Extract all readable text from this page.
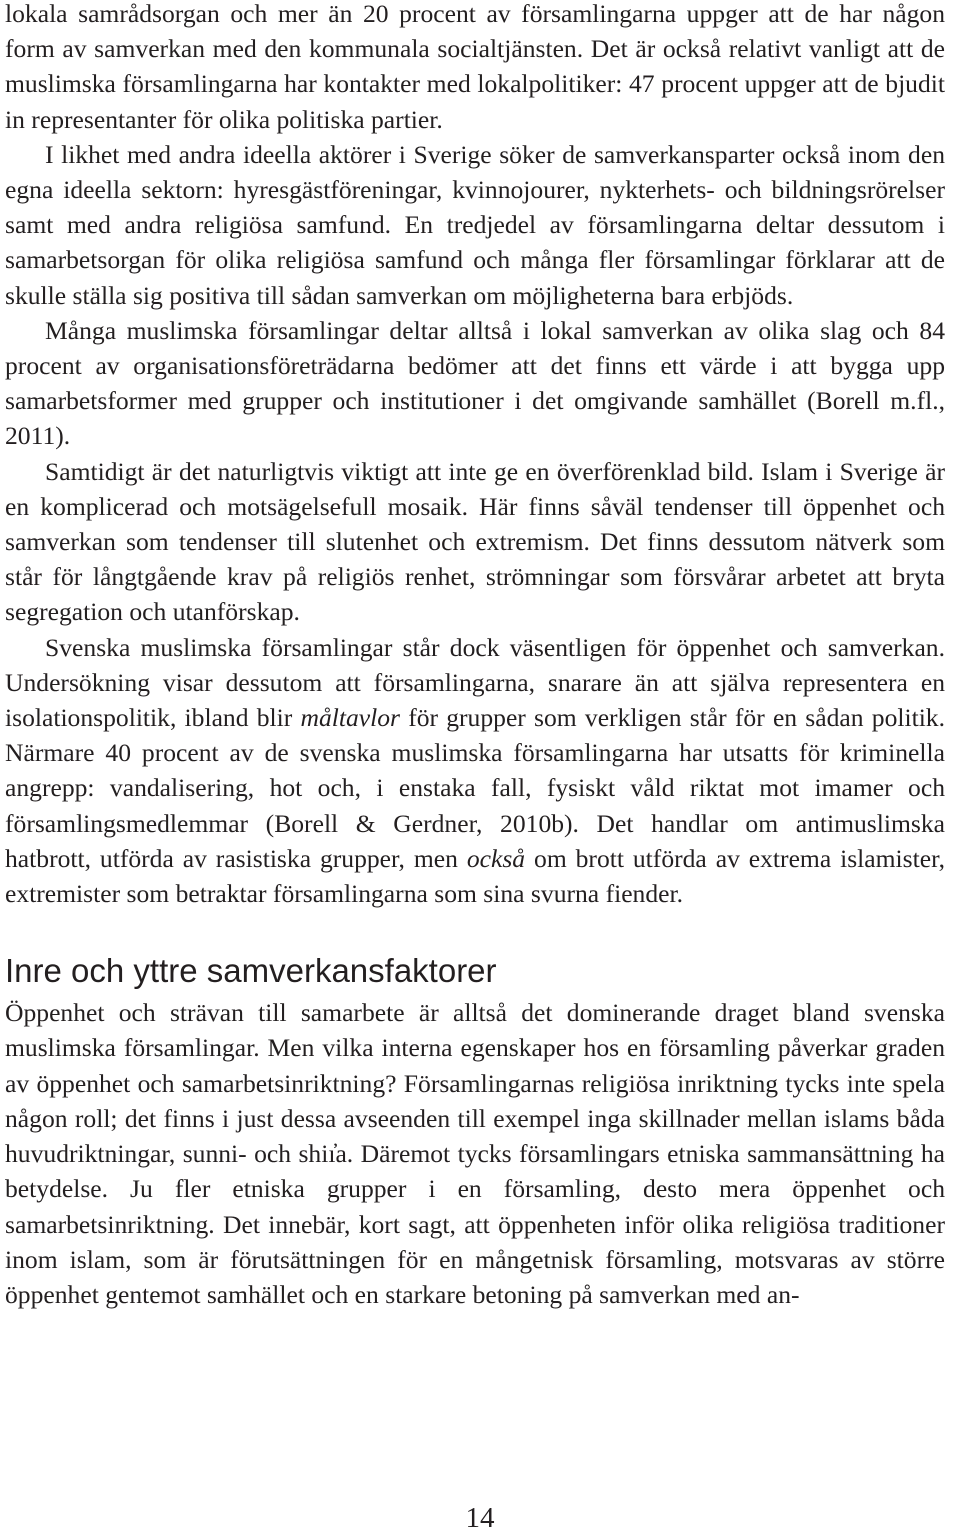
lokala samrådsorgan och mer än 20 procent av församlingarna uppger att de har någon form av samverkan med den kommunala socialtjänsten. Det är också relativt vanligt att de muslimska församlingarna har kontakter med lokalpolitiker: 47 procent uppger att de bjudit in representanter för olika politiska partier.

I likhet med andra ideella aktörer i Sverige söker de samverkansparter också inom den egna ideella sektorn: hyresgästföreningar, kvinnojourer, nykterhets- och bildningsrörelser samt med andra religiösa samfund. En tredjedel av församlingarna deltar dessutom i samarbetsorgan för olika religiösa samfund och många fler församlingar förklarar att de skulle ställa sig positiva till sådan samverkan om möjligheterna bara erbjöds.

Många muslimska församlingar deltar alltså i lokal samverkan av olika slag och 84 procent av organisationsföreträdarna bedömer att det finns ett värde i att bygga upp samarbetsformer med grupper och institutioner i det omgivande samhället (Borell m.fl., 2011).

Samtidigt är det naturligtvis viktigt att inte ge en överförenklad bild. Islam i Sverige är en komplicerad och motsägelsefull mosaik. Här finns såväl tendenser till öppenhet och samverkan som tendenser till slutenhet och extremism. Det finns dessutom nätverk som står för långtgående krav på religiös renhet, strömningar som försvårar arbetet att bryta segregation och utanförskap.

Svenska muslimska församlingar står dock väsentligen för öppenhet och samverkan. Undersökning visar dessutom att församlingarna, snarare än att själva representera en isolationspolitik, ibland blir måltavlor för grupper som verkligen står för en sådan politik. Närmare 40 procent av de svenska muslimska församlingarna har utsatts för kriminella angrepp: vandalisering, hot och, i enstaka fall, fysiskt våld riktat mot imamer och församlingsmedlemmar (Borell & Gerdner, 2010b). Det handlar om antimuslimska hatbrott, utförda av rasistiska grupper, men också om brott utförda av extrema islamister, extremister som betraktar församlingarna som sina svurna fiender.

Inre och yttre samverkansfaktorer

Öppenhet och strävan till samarbete är alltså det dominerande draget bland svenska muslimska församlingar. Men vilka interna egenskaper hos en församling påverkar graden av öppenhet och samarbetsinriktning? Församlingarnas religiösa inriktning tycks inte spela någon roll; det finns i just dessa avseenden till exempel inga skillnader mellan islams båda huvudriktningar, sunni- och shiı̓a. Däremot tycks församlingars etniska sammansättning ha betydelse. Ju fler etniska grupper i en församling, desto mera öppenhet och samarbetsinriktning. Det innebär, kort sagt, att öppenheten inför olika religiösa traditioner inom islam, som är förutsättningen för en mångetnisk församling, motsvaras av större öppenhet gentemot samhället och en starkare betoning på samverkan med an-

14
